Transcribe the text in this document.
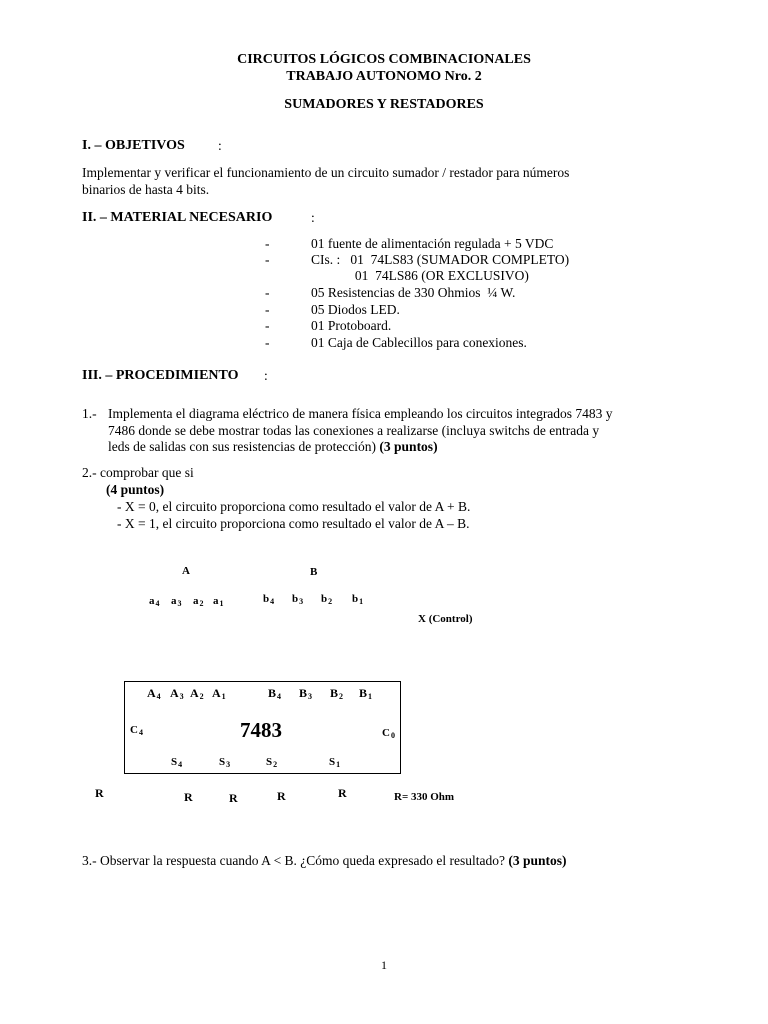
CIRCUITOS LÓGICOS COMBINACIONALES
TRABAJO AUTONOMO Nro. 2
SUMADORES Y RESTADORES
I. – OBJETIVOS :
Implementar y verificar el funcionamiento de un circuito sumador / restador para números
binarios de hasta 4 bits.
II. – MATERIAL NECESARIO	:
-	01 fuente de alimentación regulada + 5 VDC
-	CIs. :   01  74LS83 (SUMADOR COMPLETO)
01  74LS86 (OR EXCLUSIVO)
-	05 Resistencias de 330 Ohmios  ¼ W.
-	05 Diodos LED.
-	01 Protoboard.
-	01 Caja de Cablecillos para conexiones.
III. – PROCEDIMIENTO :
1.- Implementa el diagrama eléctrico de manera física empleando los circuitos integrados 7483 y
7486 donde se debe mostrar todas las conexiones a realizarse (incluya switchs de entrada y
leds de salidas con sus resistencias de protección) (3 puntos)
2.- comprobar que si
(4 puntos)
- X = 0, el circuito proporciona como resultado el valor de A + B.
- X = 1, el circuito proporciona como resultado el valor de A – B.
A	B
$a_4$ $a_3$ $a_2$ $a_1$	$b_4$ $b_3$ $b_2$ $b_1$
X (Control)
7483
$A_4$ $A_3$ $A_2$ $A_1$	$B_4$ $B_3$ $B_2$ $B_1$
$C_4$	$C_0$
$S_4$	$S_3$	$S_2$	$S_1$
R	R	R	R	R	R= 330 Ohm
3.- Observar la respuesta cuando A < B. ¿Cómo queda expresado el resultado? (3 puntos)
1
